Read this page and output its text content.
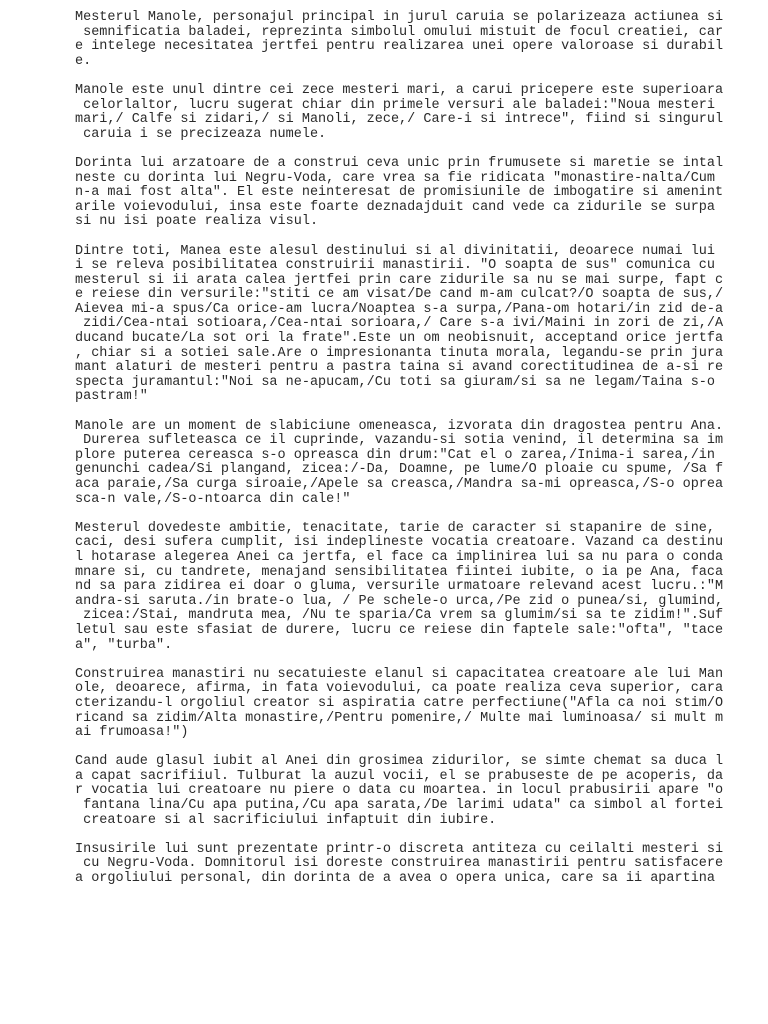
Mesterul Manole, personajul principal in jurul caruia se polarizeaza actiunea si
semnificatia baladei, reprezinta simbolul omului mistuit de focul creatiei, car
e intelege necesitatea jertfei pentru realizarea unei opere valoroase si durabil
e.
Manole este unul dintre cei zece mesteri mari, a carui pricepere este superioara
celorlaltor, lucru sugerat chiar din primele versuri ale baladei:"Noua mesteri
mari,/ Calfe si zidari,/ si Manoli, zece,/ Care-i si intrece", fiind si singurul
caruia i se precizeaza numele.
Dorinta lui arzatoare de a construi ceva unic prin frumusete si maretie se intal
neste cu dorinta lui Negru-Voda, care vrea sa fie ridicata "monastire-nalta/Cum
n-a mai fost alta". El este neinteresat de promisiunile de imbogatire si amenint
arile voievodului, insa este foarte deznadajduit cand vede ca zidurile se surpa
si nu isi poate realiza visul.
Dintre toti, Manea este alesul destinului si al divinitatii, deoarece numai lui
i se releva posibilitatea construirii manastirii. "O soapta de sus" comunica cu
mesterul si ii arata calea jertfei prin care zidurile sa nu se mai surpe, fapt c
e reiese din versurile:"stiti ce am visat/De cand m-am culcat?/O soapta de sus,/
Aievea mi-a spus/Ca orice-am lucra/Noaptea s-a surpa,/Pana-om hotari/in zid de-a
zidi/Cea-ntai sotioara,/Cea-ntai sorioara,/ Care s-a ivi/Maini in zori de zi,/A
ducand bucate/La sot ori la frate".Este un om neobisnuit, acceptand orice jertfa
, chiar si a sotiei sale.Are o impresionanta tinuta morala, legandu-se prin jura
mant alaturi de mesteri pentru a pastra taina si avand corectitudinea de a-si re
specta juramantul:"Noi sa ne-apucam,/Cu toti sa giuram/si sa ne legam/Taina s-o
pastram!"
Manole are un moment de slabiciune omeneasca, izvorata din dragostea pentru Ana.
Durerea sufleteasca ce il cuprinde, vazandu-si sotia venind, il determina sa im
plore puterea cereasca s-o opreasca din drum:"Cat el o zarea,/Inima-i sarea,/in
genunchi cadea/Si plangand, zicea:/-Da, Doamne, pe lume/O ploaie cu spume, /Sa f
aca paraie,/Sa curga siroaie,/Apele sa creasca,/Mandra sa-mi opreasca,/S-o oprea
sca-n vale,/S-o-ntoarca din cale!"
Mesterul dovedeste ambitie, tenacitate, tarie de caracter si stapanire de sine,
caci, desi sufera cumplit, isi indeplineste vocatia creatoare. Vazand ca destinu
l hotarase alegerea Anei ca jertfa, el face ca implinirea lui sa nu para o conda
mnare si, cu tandrete, menajand sensibilitatea fiintei iubite, o ia pe Ana, faca
nd sa para zidirea ei doar o gluma, versurile urmatoare relevand acest lucru.:"M
andra-si saruta./in brate-o lua, / Pe schele-o urca,/Pe zid o punea/si, glumind,
zicea:/Stai, mandruta mea, /Nu te sparia/Ca vrem sa glumim/si sa te zidim!".Suf
letul sau este sfasiat de durere, lucru ce reiese din faptele sale:"ofta", "tace
a", "turba".
Construirea manastiri nu secatuieste elanul si capacitatea creatoare ale lui Man
ole, deoarece, afirma, in fata voievodului, ca poate realiza ceva superior, cara
cterizandu-l orgoliul creator si aspiratia catre perfectiune("Afla ca noi stim/O
ricand sa zidim/Alta monastire,/Pentru pomenire,/ Multe mai luminoasa/ si mult m
ai frumoasa!")
Cand aude glasul iubit al Anei din grosimea zidurilor, se simte chemat sa duca l
a capat sacrifiiul. Tulburat la auzul vocii, el se prabuseste de pe acoperis, da
r vocatia lui creatoare nu piere o data cu moartea. in locul prabusirii apare "o
fantana lina/Cu apa putina,/Cu apa sarata,/De larimi udata" ca simbol al fortei
creatoare si al sacrificiului infaptuit din iubire.
Insusirile lui sunt prezentate printr-o discreta antiteza cu ceilalti mesteri si
cu Negru-Voda. Domnitorul isi doreste construirea manastirii pentru satisfacere
a orgoliului personal, din dorinta de a avea o opera unica, care sa ii apartina
